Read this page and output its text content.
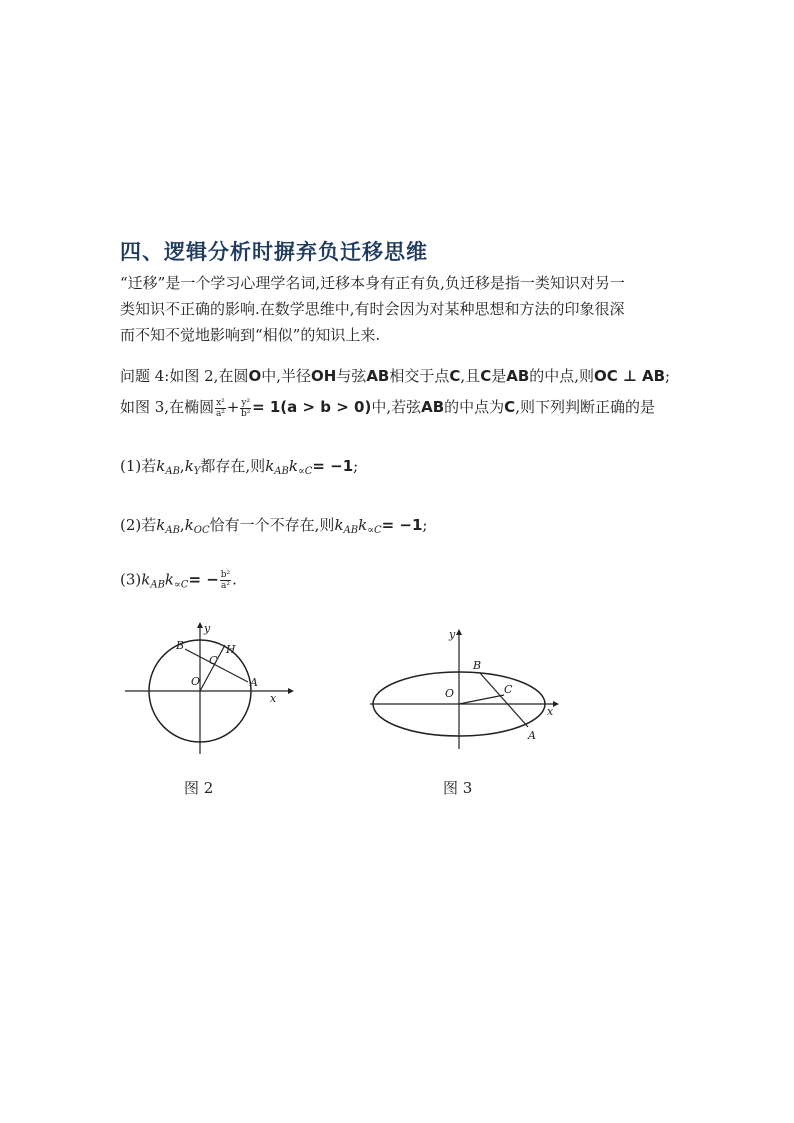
四、逻辑分析时摒弃负迁移思维
“迁移”是一个学习心理学名词,迁移本身有正有负,负迁移是指一类知识对另一
类知识不正确的影响.在数学思维中,有时会因为对某种思想和方法的印象很深
而不知不觉地影响到“相似”的知识上来.
问题 4:如图 2,在圆O中,半径OH与弦AB相交于点C,且C是AB的中点,则OC ⊥ AB;
如图 3,在椭圆 $\frac{\text{x²}}{\text{a²}} + \frac{\text{y²}}{\text{b²}} = 1(a > b > 0)$中,若弦AB的中点为C,则下列判断正确的是
(1)若$k_{AB},k_Y$都存在,则$k_{AB}k_{\propto C}= -1$;
(2)若$k_{AB},k_{OC}$恰有一个不存在,则$k_{AB}k_{\propto C}= -1$;
$(3)k_{AB}k_{\propto C}= - \frac{\text{b²}}{\text{a²}}$ .
O
y
x
B
C
H
A
图 2
O
y
x
B
C
A
图 3
